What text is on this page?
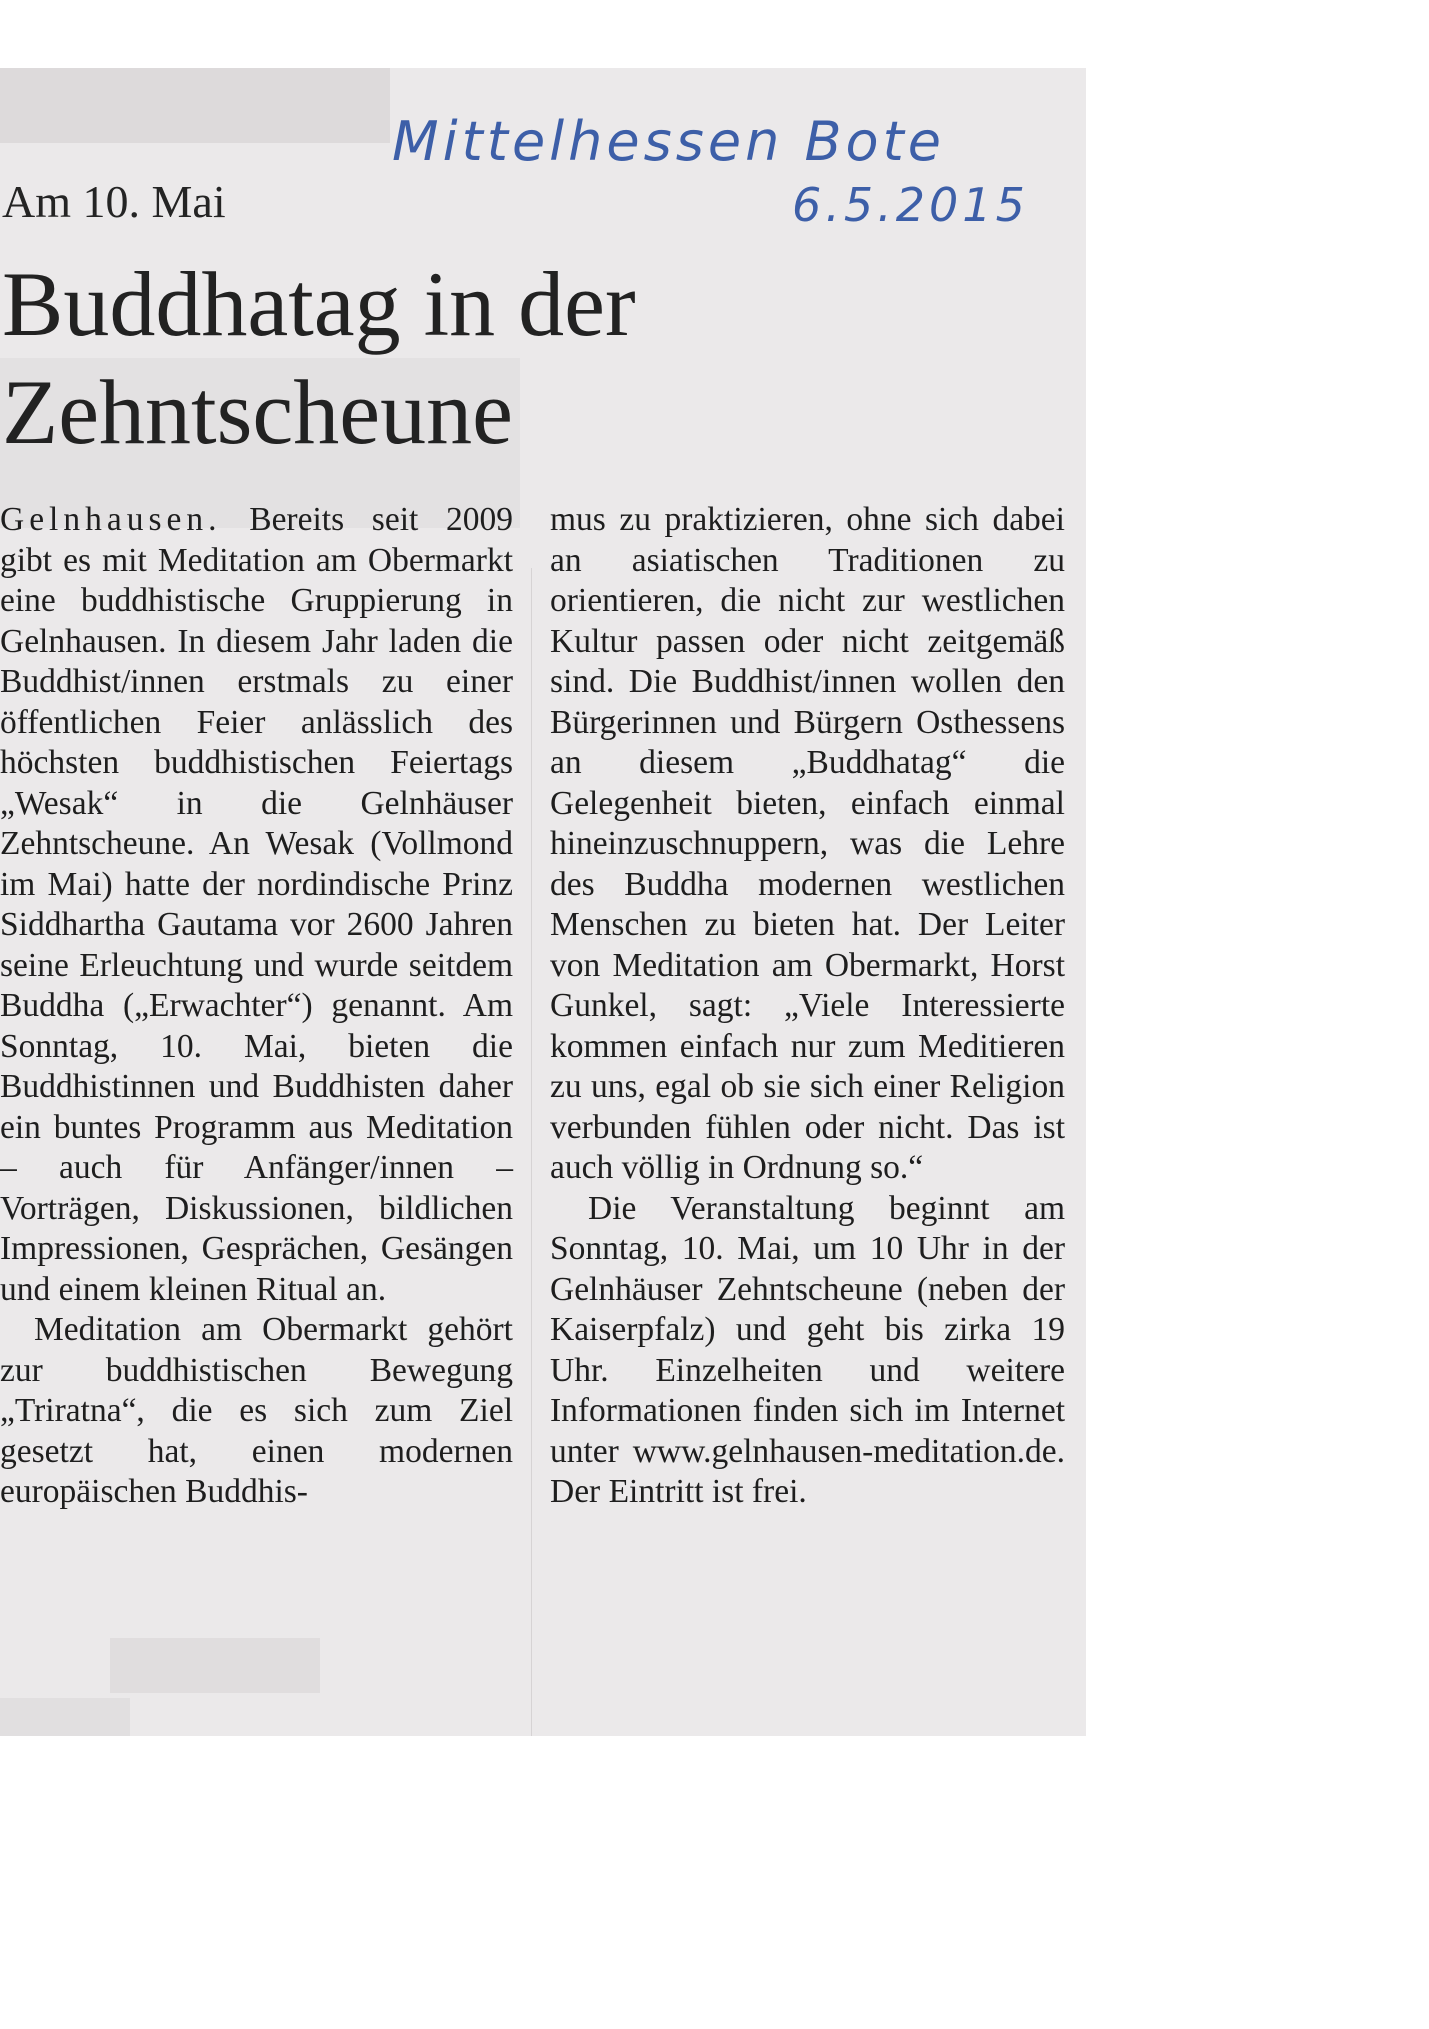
Mittelhessen Bote
6.5.2015
Am 10. Mai
Buddhatag in der Zehntscheune

Gelnhausen. Bereits seit 2009 gibt es mit Meditation am Obermarkt eine buddhistische Gruppierung in Gelnhausen. In diesem Jahr laden die Buddhist/innen erstmals zu einer öffentlichen Feier anlässlich des höchsten buddhistischen Feiertags „Wesak“ in die Gelnhäuser Zehntscheune. An Wesak (Vollmond im Mai) hatte der nordindische Prinz Siddhartha Gautama vor 2600 Jahren seine Erleuchtung und wurde seitdem Buddha („Erwachter“) genannt. Am Sonntag, 10. Mai, bieten die Buddhistinnen und Buddhisten daher ein buntes Programm aus Meditation – auch für Anfänger/innen – Vorträgen, Diskussionen, bildlichen Impressionen, Gesprächen, Gesängen und einem kleinen Ritual an.

Meditation am Obermarkt gehört zur buddhistischen Bewegung „Triratna“, die es sich zum Ziel gesetzt hat, einen modernen europäischen Buddhis-

mus zu praktizieren, ohne sich dabei an asiatischen Traditionen zu orientieren, die nicht zur westlichen Kultur passen oder nicht zeitgemäß sind. Die Buddhist/innen wollen den Bürgerinnen und Bürgern Osthessens an diesem „Buddhatag“ die Gelegenheit bieten, einfach einmal hineinzuschnuppern, was die Lehre des Buddha modernen westlichen Menschen zu bieten hat. Der Leiter von Meditation am Obermarkt, Horst Gunkel, sagt: „Viele Interessierte kommen einfach nur zum Meditieren zu uns, egal ob sie sich einer Religion verbunden fühlen oder nicht. Das ist auch völlig in Ordnung so.“

Die Veranstaltung beginnt am Sonntag, 10. Mai, um 10 Uhr in der Gelnhäuser Zehntscheune (neben der Kaiserpfalz) und geht bis zirka 19 Uhr. Einzelheiten und weitere Informationen finden sich im Internet unter www.gelnhausen-meditation.de. Der Eintritt ist frei.
